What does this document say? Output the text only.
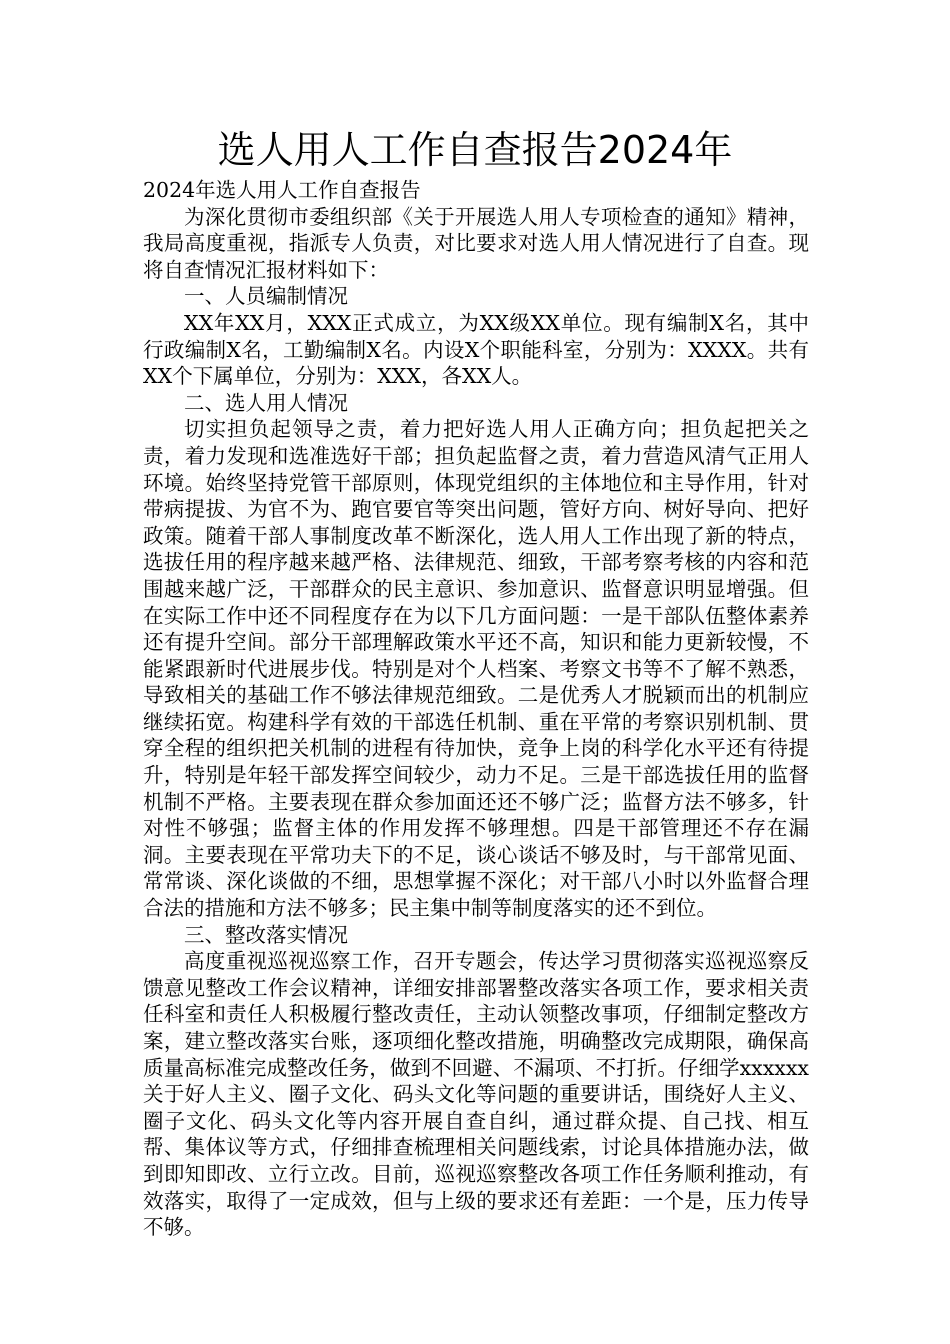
选人用人工作自查报告2024年

2024年选人用人工作自查报告

为深化贯彻市委组织部《关于开展选人用人专项检查的通知》精神，我局高度重视，指派专人负责，对比要求对选人用人情况进行了自查。现将自查情况汇报材料如下：

一、人员编制情况

XX年XX月，XXX正式成立，为XX级XX单位。现有编制X名，其中行政编制X名，工勤编制X名。内设X个职能科室，分别为：XXXX。共有XX个下属单位，分别为：XXX，各XX人。

二、选人用人情况

切实担负起领导之责，着力把好选人用人正确方向；担负起把关之责，着力发现和选准选好干部；担负起监督之责，着力营造风清气正用人环境。始终坚持党管干部原则，体现党组织的主体地位和主导作用，针对带病提拔、为官不为、跑官要官等突出问题，管好方向、树好导向、把好政策。随着干部人事制度改革不断深化，选人用人工作出现了新的特点，选拔任用的程序越来越严格、法律规范、细致，干部考察考核的内容和范围越来越广泛，干部群众的民主意识、参加意识、监督意识明显增强。但在实际工作中还不同程度存在为以下几方面问题：一是干部队伍整体素养还有提升空间。部分干部理解政策水平还不高，知识和能力更新较慢，不能紧跟新时代进展步伐。特别是对个人档案、考察文书等不了解不熟悉，导致相关的基础工作不够法律规范细致。二是优秀人才脱颖而出的机制应继续拓宽。构建科学有效的干部选任机制、重在平常的考察识别机制、贯穿全程的组织把关机制的进程有待加快，竞争上岗的科学化水平还有待提升，特别是年轻干部发挥空间较少，动力不足。三是干部选拔任用的监督机制不严格。主要表现在群众参加面还还不够广泛；监督方法不够多，针对性不够强；监督主体的作用发挥不够理想。四是干部管理还不存在漏洞。主要表现在平常功夫下的不足，谈心谈话不够及时，与干部常见面、常常谈、深化谈做的不细，思想掌握不深化；对干部八小时以外监督合理合法的措施和方法不够多；民主集中制等制度落实的还不到位。

三、整改落实情况

高度重视巡视巡察工作，召开专题会，传达学习贯彻落实巡视巡察反馈意见整改工作会议精神，详细安排部署整改落实各项工作，要求相关责任科室和责任人积极履行整改责任，主动认领整改事项，仔细制定整改方案，建立整改落实台账，逐项细化整改措施，明确整改完成期限，确保高质量高标准完成整改任务，做到不回避、不漏项、不打折。仔细学xxxxxx关于好人主义、圈子文化、码头文化等问题的重要讲话，围绕好人主义、圈子文化、码头文化等内容开展自查自纠，通过群众提、自己找、相互帮、集体议等方式，仔细排查梳理相关问题线索，讨论具体措施办法，做到即知即改、立行立改。目前，巡视巡察整改各项工作任务顺利推动，有效落实，取得了一定成效，但与上级的要求还有差距：一个是，压力传导不够。
